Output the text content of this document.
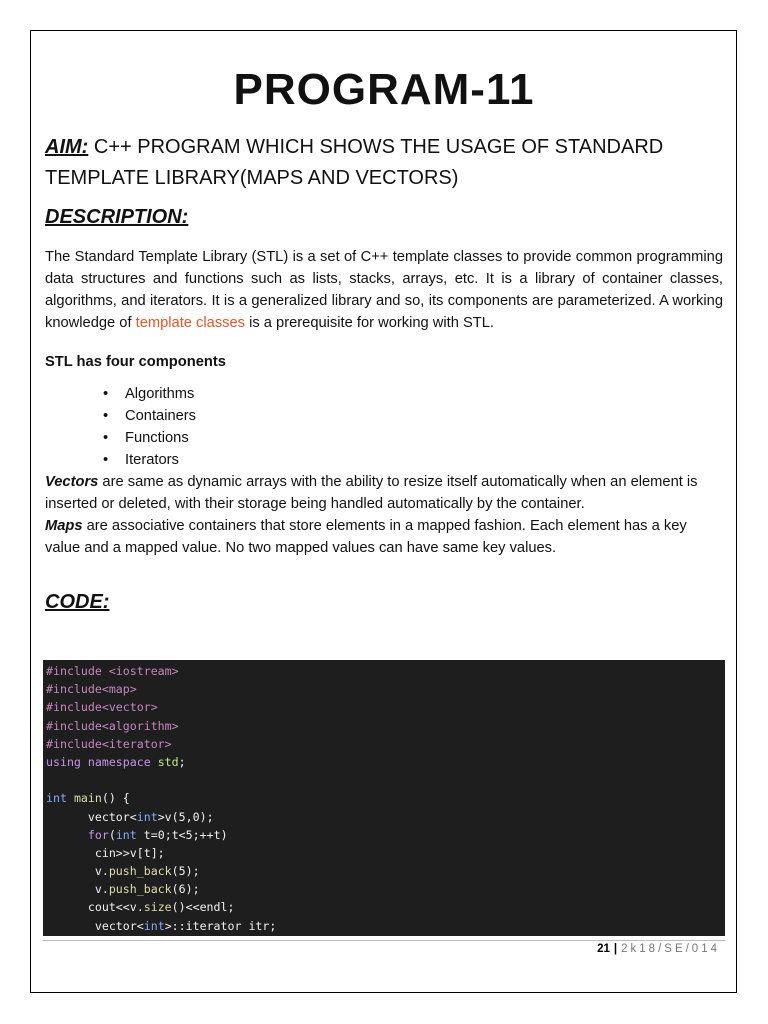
PROGRAM-11
AIM: C++ PROGRAM WHICH SHOWS THE USAGE OF STANDARD
TEMPLATE LIBRARY(MAPS AND VECTORS)
DESCRIPTION:
The Standard Template Library (STL) is a set of C++ template classes to provide common programming data structures and functions such as lists, stacks, arrays, etc. It is a library of container classes, algorithms, and iterators. It is a generalized library and so, its components are parameterized. A working knowledge of template classes is a prerequisite for working with STL.
STL has four components
• Algorithms
• Containers
• Functions
• Iterators
Vectors are same as dynamic arrays with the ability to resize itself automatically when an element is inserted or deleted, with their storage being handled automatically by the container.
Maps are associative containers that store elements in a mapped fashion. Each element has a key value and a mapped value. No two mapped values can have same key values.
CODE:
#include <iostream>
#include<map>
#include<vector>
#include<algorithm>
#include<iterator>
using namespace std;

int main() {
vector<int>v(5,0);
for(int t=0;t<5;++t)
cin>>v[t];
v.push_back(5);
v.push_back(6);
cout<<v.size()<<endl;
vector<int>::iterator itr;
21 | 2k18/SE/014
